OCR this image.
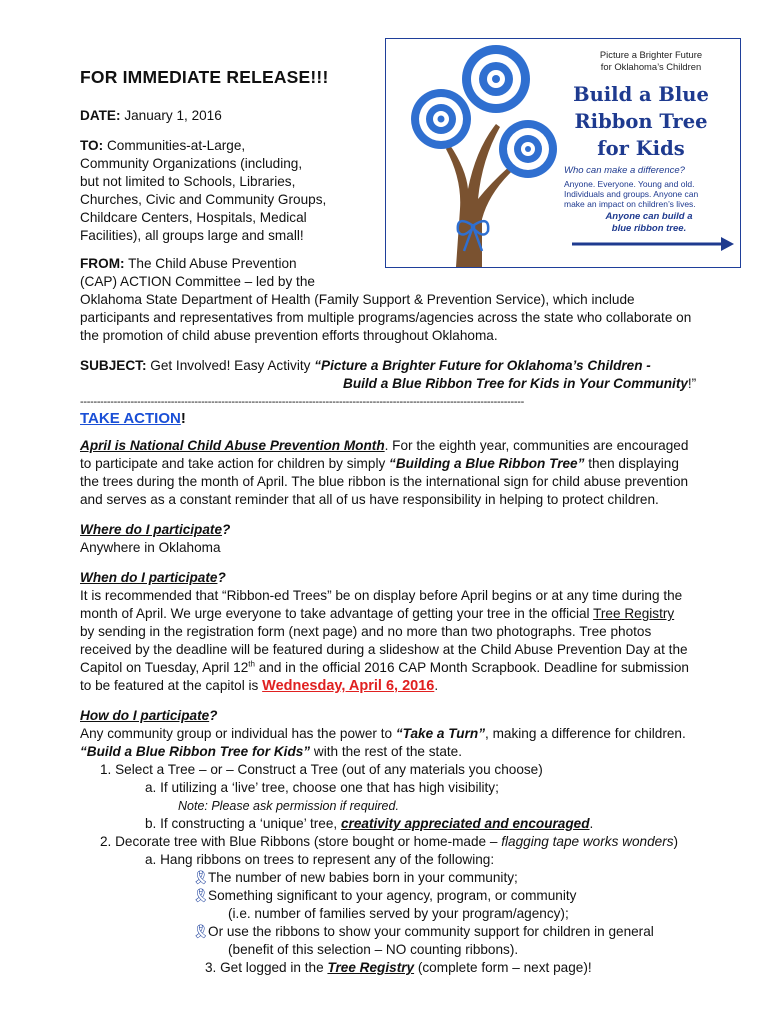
Picture a Brighter Future
for Oklahoma’s Children
Build a Blue
Ribbon Tree
for Kids
Who can make a difference?
Anyone. Everyone. Young and old.
Individuals and groups. Anyone can
make an impact on children’s lives.
Anyone can build a
blue ribbon tree.
FOR IMMEDIATE RELEASE!!!
DATE: January 1, 2016
TO: Communities-at-Large,
Community Organizations (including,
but not limited to Schools, Libraries,
Churches, Civic and Community Groups,
Childcare Centers, Hospitals, Medical
Facilities), all groups large and small!
FROM: The Child Abuse Prevention
(CAP) ACTION Committee – led by the
Oklahoma State Department of Health (Family Support & Prevention Service), which include
participants and representatives from multiple programs/agencies across the state who collaborate on
the promotion of child abuse prevention efforts throughout Oklahoma.
SUBJECT: Get Involved! Easy Activity “Picture a Brighter Future for Oklahoma’s Children -
Build a Blue Ribbon Tree for Kids in Your Community!”
------------------------------------------------------------------------------------------------------------------------------------
TAKE ACTION!
April is National Child Abuse Prevention Month. For the eighth year, communities are encouraged
to participate and take action for children by simply “Building a Blue Ribbon Tree” then displaying
the trees during the month of April. The blue ribbon is the international sign for child abuse prevention
and serves as a constant reminder that all of us have responsibility in helping to protect children.
Where do I participate?
Anywhere in Oklahoma
When do I participate?
It is recommended that “Ribbon-ed Trees” be on display before April begins or at any time during the
month of April. We urge everyone to take advantage of getting your tree in the official Tree Registry
by sending in the registration form (next page) and no more than two photographs. Tree photos
received by the deadline will be featured during a slideshow at the Child Abuse Prevention Day at the
Capitol on Tuesday, April 12th and in the official 2016 CAP Month Scrapbook. Deadline for submission
to be featured at the capitol is Wednesday, April 6, 2016.
How do I participate?
Any community group or individual has the power to “Take a Turn”, making a difference for children.
“Build a Blue Ribbon Tree for Kids” with the rest of the state.
1. Select a Tree – or – Construct a Tree (out of any materials you choose)
a. If utilizing a ‘live’ tree, choose one that has high visibility;
Note: Please ask permission if required.
b. If constructing a ‘unique’ tree, creativity appreciated and encouraged.
2. Decorate tree with Blue Ribbons (store bought or home-made – flagging tape works wonders)
a. Hang ribbons on trees to represent any of the following:
🎗The number of new babies born in your community;
🎗Something significant to your agency, program, or community
(i.e. number of families served by your program/agency);
🎗Or use the ribbons to show your community support for children in general
(benefit of this selection – NO counting ribbons).
3. Get logged in the Tree Registry (complete form – next page)!
